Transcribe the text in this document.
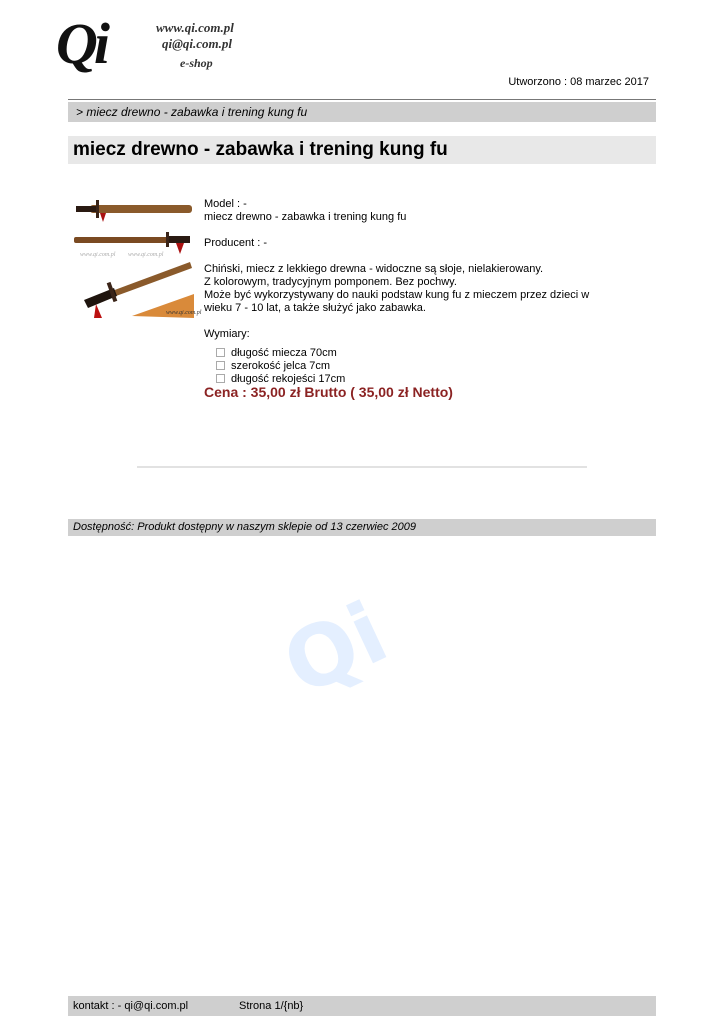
Qi	www.qi.com.pl
qi@qi.com.pl
e-shop
Utworzono : 08 marzec 2017
> miecz drewno - zabawka i trening kung fu
miecz drewno - zabawka i trening kung fu
www.qi.com.pl www.qi.com.pl
www.qi.com.pl

Model : -

miecz drewno - zabawka i trening kung fu

Producent : -

Chiński, miecz z lekkiego drewna - widoczne są słoje, nielakierowany.

Z kolorowym, tradycyjnym pomponem. Bez pochwy.

Może być wykorzystywany do nauki podstaw kung fu z mieczem przez dzieci w

wieku 7 - 10 lat, a także służyć jako zabawka.

Wymiary:

długość miecza 70cm
szerokość jelca 7cm
długość rekojeści 17cm

Cena : 35,00 zł Brutto ( 35,00 zł Netto)

Dostępność: Produkt dostępny w naszym sklepie od 13 czerwiec 2009
Qi
kontakt : - qi@qi.com.pl	Strona 1/{nb}
